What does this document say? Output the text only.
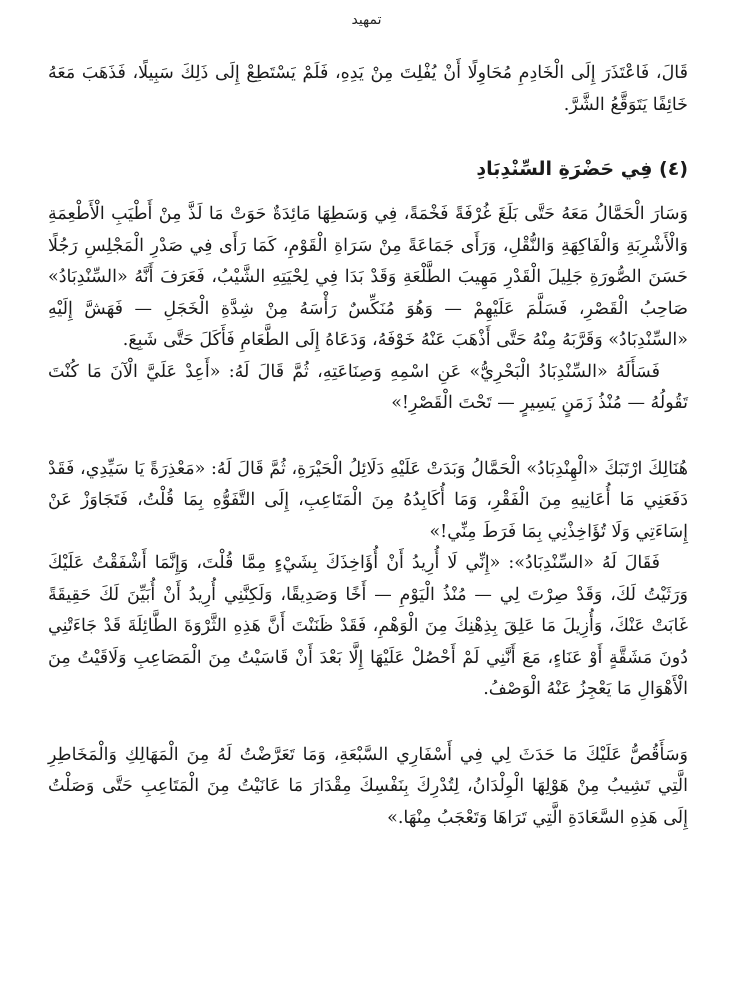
تمهيد

قَالَ، فَاعْتَذَرَ إِلَى الْخَادِمِ مُحَاوِلًا أَنْ يُفْلِتَ مِنْ يَدِهِ، فَلَمْ يَسْتَطِعْ إِلَى ذَلِكَ سَبِيلًا، فَذَهَبَ مَعَهُ خَائِفًا يَتَوَقَّعُ الشَّرَّ.

(٤) فِي حَضْرَةِ السِّنْدِبَادِ

وَسَارَ الْحَمَّالُ مَعَهُ حَتَّى بَلَغَ غُرْفَةً فَخْمَةً، فِي وَسَطِهَا مَائِدَةٌ حَوَتْ مَا لَذَّ مِنْ أَطْيَبِ الْأَطْعِمَةِ وَالْأَشْرِبَةِ وَالْفَاكِهَةِ وَالنُّقْلِ، وَرَأَى جَمَاعَةً مِنْ سَرَاةِ الْقَوْمِ، كَمَا رَأَى فِي صَدْرِ الْمَجْلِسِ رَجُلًا حَسَنَ الصُّورَةِ جَلِيلَ الْقَدْرِ مَهِيبَ الطَّلْعَةِ وَقَدْ بَدَا فِي لِحْيَتِهِ الشَّيْبُ، فَعَرَفَ أَنَّهُ «السِّنْدِبَادُ» صَاحِبُ الْقَصْرِ، فَسَلَّمَ عَلَيْهِمْ — وَهُوَ مُنَكِّسٌ رَأْسَهُ مِنْ شِدَّةِ الْخَجَلِ — فَهَشَّ إِلَيْهِ «السِّنْدِبَادُ» وَقَرَّبَهُ مِنْهُ حَتَّى أَذْهَبَ عَنْهُ خَوْفَهُ، وَدَعَاهُ إِلَى الطَّعَامِ فَأَكَلَ حَتَّى شَبِعَ.

فَسَأَلَهُ «السِّنْدِبَادُ الْبَحْرِيُّ» عَنِ اسْمِهِ وَصِنَاعَتِهِ، ثُمَّ قَالَ لَهُ: «أَعِدْ عَلَيَّ الْآنَ مَا كُنْتَ تَقُولُهُ — مُنْذُ زَمَنٍ يَسِيرٍ — تَحْتَ الْقَصْرِ!»

هُنَالِكَ ارْتَبَكَ «الْهِنْدِبَادُ» الْحَمَّالُ وَبَدَتْ عَلَيْهِ دَلَائِلُ الْحَيْرَةِ، ثُمَّ قَالَ لَهُ: «مَعْذِرَةً يَا سَيِّدِي، فَقَدْ دَفَعَنِي مَا أُعَانِيهِ مِنَ الْفَقْرِ، وَمَا أُكَابِدُهُ مِنَ الْمَتَاعِبِ، إِلَى التَّفَوُّهِ بِمَا قُلْتُ، فَتَجَاوَزْ عَنْ إِسَاءَتِي وَلَا تُؤَاخِذْنِي بِمَا فَرَطَ مِنِّي!»

فَقَالَ لَهُ «السِّنْدِبَادُ»: «إِنِّي لَا أُرِيدُ أَنْ أُؤَاخِذَكَ بِشَيْءٍ مِمَّا قُلْتَ، وَإِنَّمَا أَشْفَقْتُ عَلَيْكَ وَرَثَيْتُ لَكَ، وَقَدْ صِرْتَ لِي — مُنْذُ الْيَوْمِ — أَخًا وَصَدِيقًا، وَلَكِنَّنِي أُرِيدُ أَنْ أُبَيِّنَ لَكَ حَقِيقَةً غَابَتْ عَنْكَ، وَأُزِيلَ مَا عَلِقَ بِذِهْنِكَ مِنَ الْوَهْمِ، فَقَدْ ظَنَنْتَ أَنَّ هَذِهِ الثَّرْوَةَ الطَّائِلَةَ قَدْ جَاءَتْنِي دُونَ مَشَقَّةٍ أَوْ عَنَاءٍ، مَعَ أَنَّنِي لَمْ أَحْصُلْ عَلَيْهَا إِلَّا بَعْدَ أَنْ قَاسَيْتُ مِنَ الْمَصَاعِبِ وَلَاقَيْتُ مِنَ الْأَهْوَالِ مَا يَعْجِزُ عَنْهُ الْوَصْفُ.

وَسَأَقُصُّ عَلَيْكَ مَا حَدَثَ لِي فِي أَسْفَارِي السَّبْعَةِ، وَمَا تَعَرَّضْتُ لَهُ مِنَ الْمَهَالِكِ وَالْمَخَاطِرِ الَّتِي تَشِيبُ مِنْ هَوْلِهَا الْوِلْدَانُ، لِتُدْرِكَ بِنَفْسِكَ مِقْدَارَ مَا عَانَيْتُ مِنَ الْمَتَاعِبِ حَتَّى وَصَلْتُ إِلَى هَذِهِ السَّعَادَةِ الَّتِي تَرَاهَا وَتَعْجَبُ مِنْهَا.»
